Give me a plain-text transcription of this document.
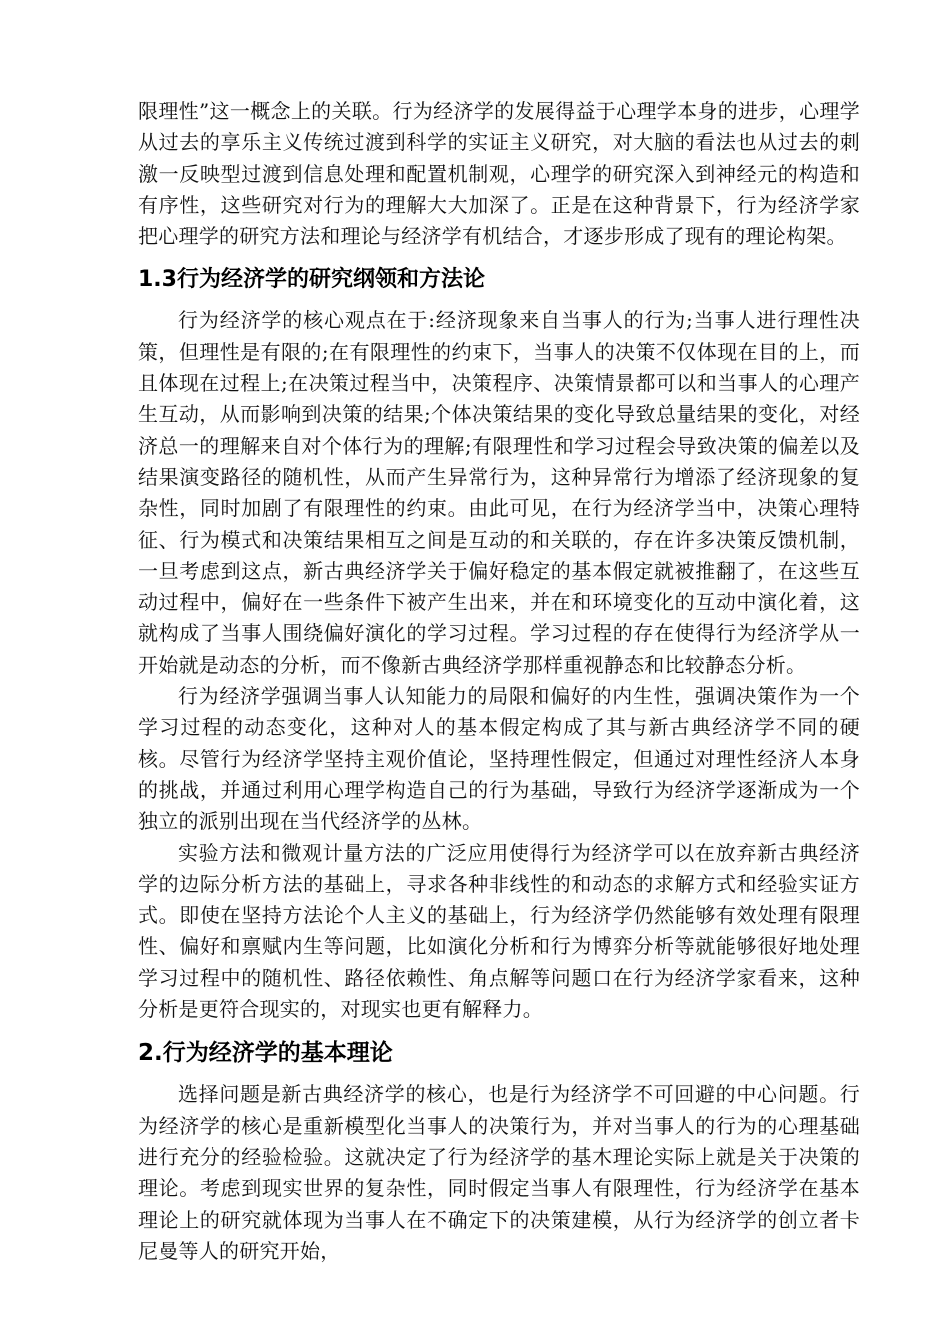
限理性”这一概念上的关联。行为经济学的发展得益于心理学本身的进步，心理学从过去的享乐主义传统过渡到科学的实证主义研究，对大脑的看法也从过去的刺激一反映型过渡到信息处理和配置机制观，心理学的研究深入到神经元的构造和有序性，这些研究对行为的理解大大加深了。正是在这种背景下，行为经济学家把心理学的研究方法和理论与经济学有机结合，才逐步形成了现有的理论构架。

1.3行为经济学的研究纲领和方法论

行为经济学的核心观点在于:经济现象来自当事人的行为;当事人进行理性决策，但理性是有限的;在有限理性的约束下，当事人的决策不仅体现在目的上，而且体现在过程上;在决策过程当中，决策程序、决策情景都可以和当事人的心理产生互动，从而影响到决策的结果;个体决策结果的变化导致总量结果的变化，对经济总一的理解来自对个体行为的理解;有限理性和学习过程会导致决策的偏差以及结果演变路径的随机性，从而产生异常行为，这种异常行为增添了经济现象的复杂性，同时加剧了有限理性的约束。由此可见，在行为经济学当中，决策心理特征、行为模式和决策结果相互之间是互动的和关联的，存在许多决策反馈机制，一旦考虑到这点，新古典经济学关于偏好稳定的基本假定就被推翻了，在这些互动过程中，偏好在一些条件下被产生出来，并在和环境变化的互动中演化着，这就构成了当事人围绕偏好演化的学习过程。学习过程的存在使得行为经济学从一开始就是动态的分析，而不像新古典经济学那样重视静态和比较静态分析。

行为经济学强调当事人认知能力的局限和偏好的内生性，强调决策作为一个学习过程的动态变化，这种对人的基本假定构成了其与新古典经济学不同的硬核。尽管行为经济学坚持主观价值论，坚持理性假定，但通过对理性经济人本身的挑战，并通过利用心理学构造自己的行为基础，导致行为经济学逐渐成为一个独立的派别出现在当代经济学的丛林。

实验方法和微观计量方法的广泛应用使得行为经济学可以在放弃新古典经济学的边际分析方法的基础上，寻求各种非线性的和动态的求解方式和经验实证方式。即使在坚持方法论个人主义的基础上，行为经济学仍然能够有效处理有限理性、偏好和禀赋内生等问题，比如演化分析和行为博弈分析等就能够很好地处理学习过程中的随机性、路径依赖性、角点解等问题口在行为经济学家看来，这种分析是更符合现实的，对现实也更有解释力。

2.行为经济学的基本理论

选择问题是新古典经济学的核心，也是行为经济学不可回避的中心问题。行为经济学的核心是重新模型化当事人的决策行为，并对当事人的行为的心理基础进行充分的经验检验。这就决定了行为经济学的基木理论实际上就是关于决策的理论。考虑到现实世界的复杂性，同时假定当事人有限理性，行为经济学在基本理论上的研究就体现为当事人在不确定下的决策建模，从行为经济学的创立者卡尼曼等人的研究开始，
